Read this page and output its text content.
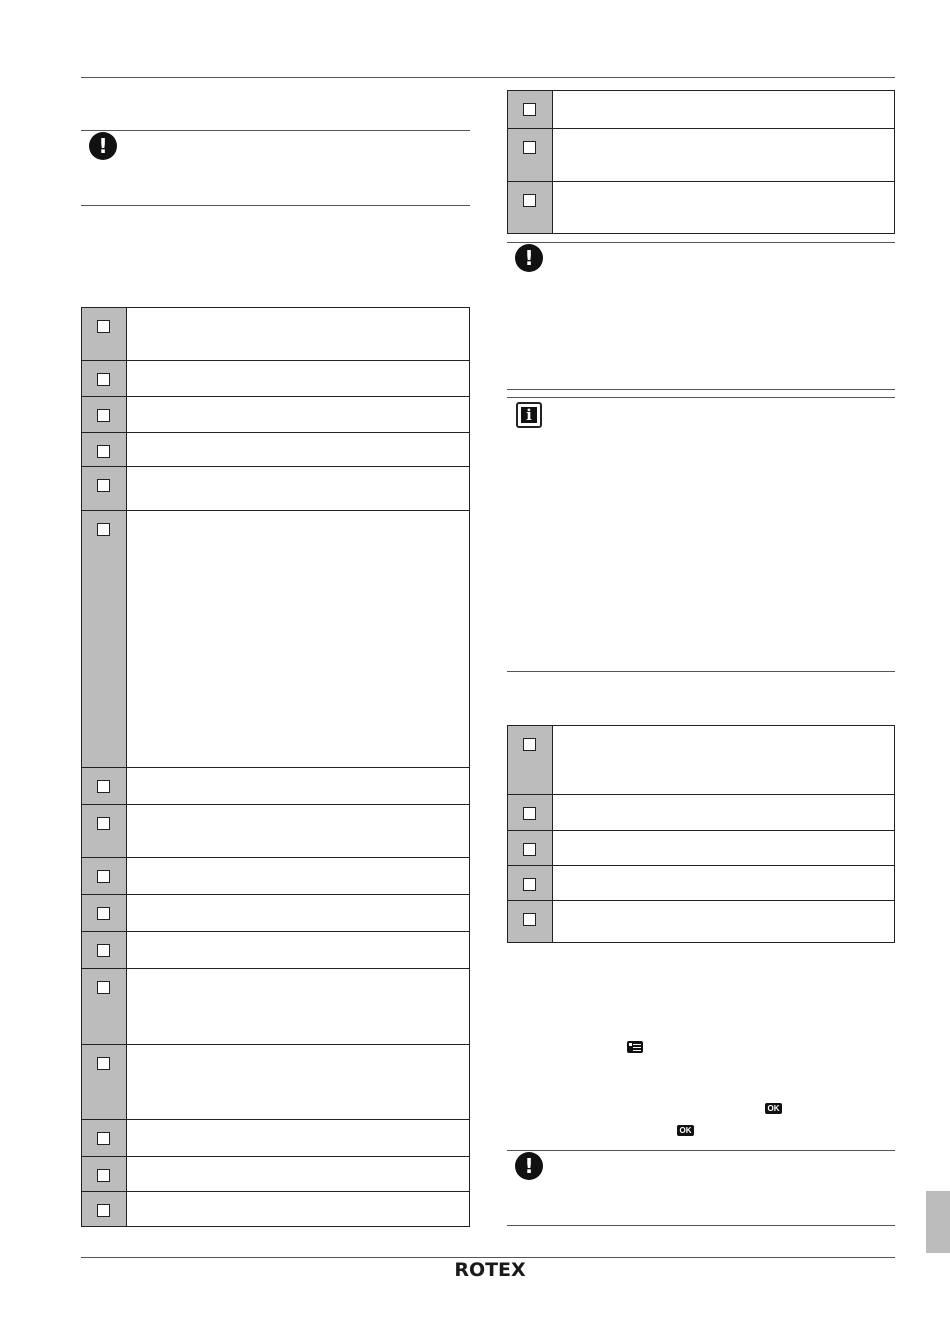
!
!
i
OK
OK
!
ROTEX
